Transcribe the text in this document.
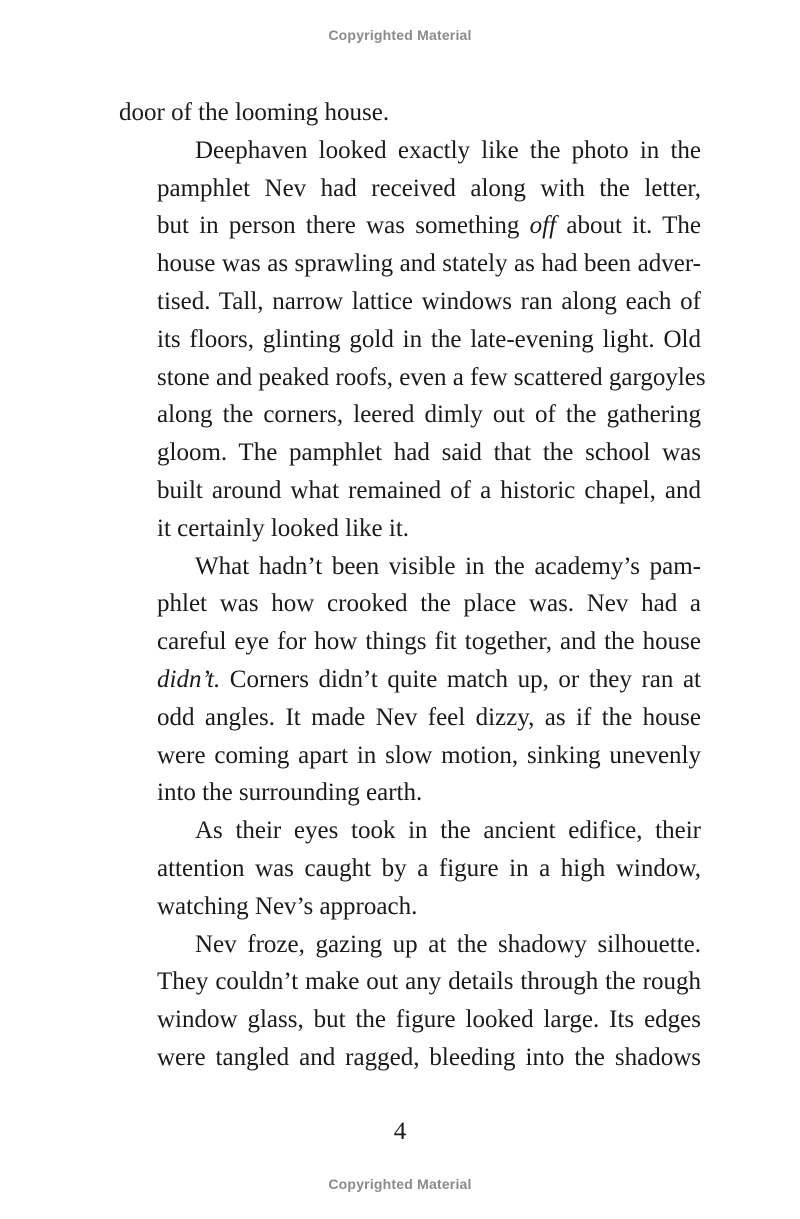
Copyrighted Material

door of the looming house.

Deephaven looked exactly like the photo in the
pamphlet Nev had received along with the letter,
but in person there was something off about it. The
house was as sprawling and stately as had been adver-
tised. Tall, narrow lattice windows ran along each of
its floors, glinting gold in the late-evening light. Old
stone and peaked roofs, even a few scattered gargoyles
along the corners, leered dimly out of the gathering
gloom. The pamphlet had said that the school was
built around what remained of a historic chapel, and
it certainly looked like it.

What hadn’t been visible in the academy’s pam-
phlet was how crooked the place was. Nev had a
careful eye for how things fit together, and the house
didn’t. Corners didn’t quite match up, or they ran at
odd angles. It made Nev feel dizzy, as if the house
were coming apart in slow motion, sinking unevenly
into the surrounding earth.

As their eyes took in the ancient edifice, their
attention was caught by a figure in a high window,
watching Nev’s approach.

Nev froze, gazing up at the shadowy silhouette.
They couldn’t make out any details through the rough
window glass, but the figure looked large. Its edges
were tangled and ragged, bleeding into the shadows

4
Copyrighted Material
